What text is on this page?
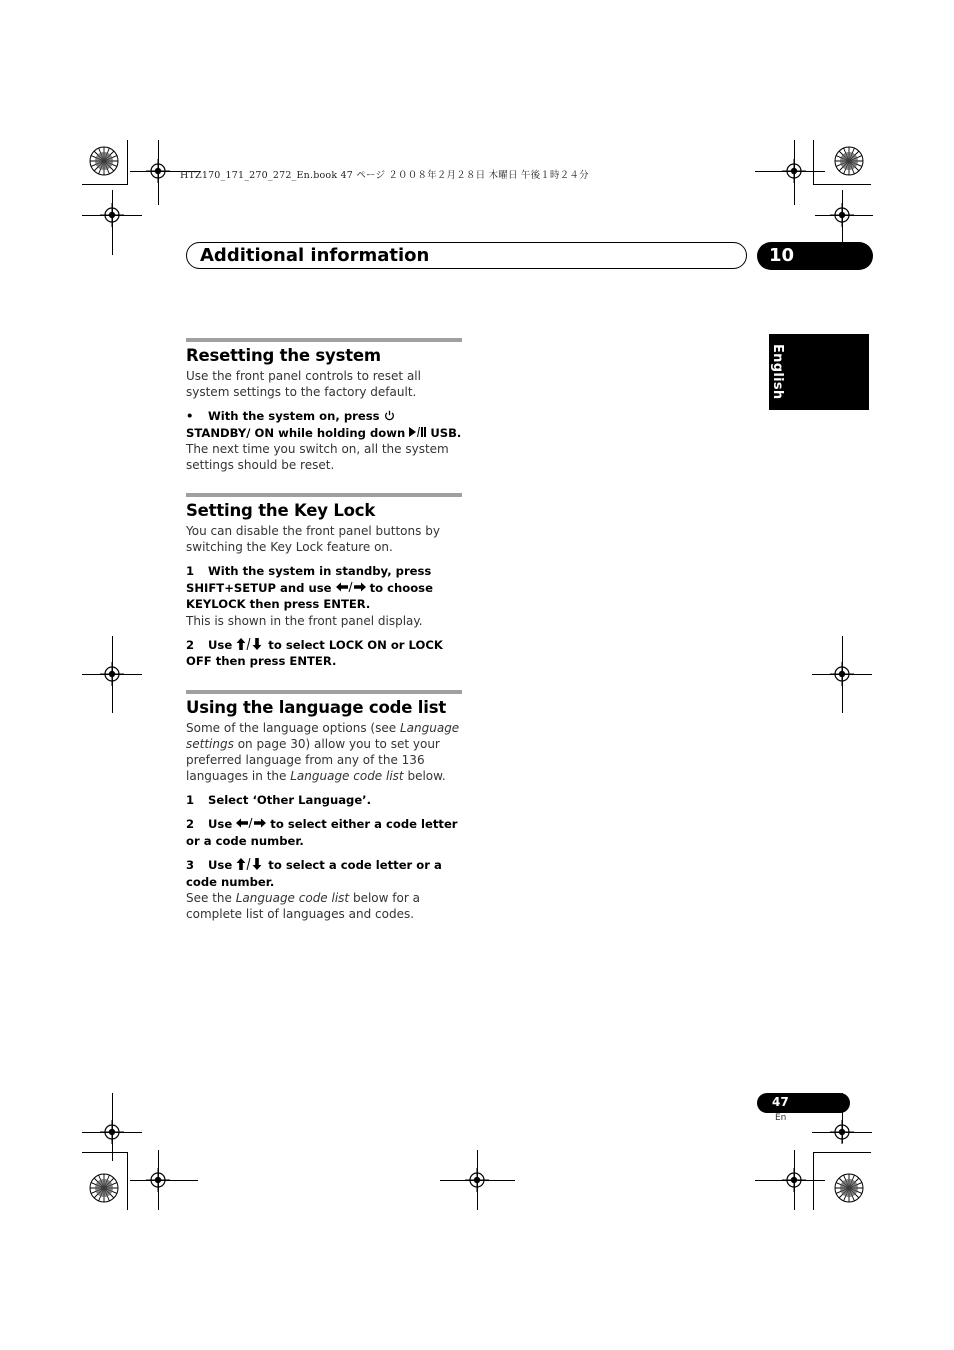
HTZ170_171_270_272_En.book 47 ページ ２００８年２月２８日 木曜日 午後１時２４分
Additional information	10
English
Resetting the system

Use the front panel controls to reset all system settings to the factory default.

• With the system on, press  STANDBY/ ON while holding down USB.

The next time you switch on, all the system settings should be reset.

Setting the Key Lock

You can disable the front panel buttons by switching the Key Lock feature on.

1 With the system in standby, press SHIFT+SETUP and use	to choose KEYLOCK then press ENTER.

This is shown in the front panel display.

2 Use	to select LOCK ON or LOCK OFF then press ENTER.

Using the language code list

Some of the language options (see Language settings on page 30) allow you to set your preferred language from any of the 136 languages in the Language code list below.

1 Select ‘Other Language’.

2 Use	to select either a code letter or a code number.

3 Use	to select a code letter or a code number.

See the Language code list below for a complete list of languages and codes.

47
En
